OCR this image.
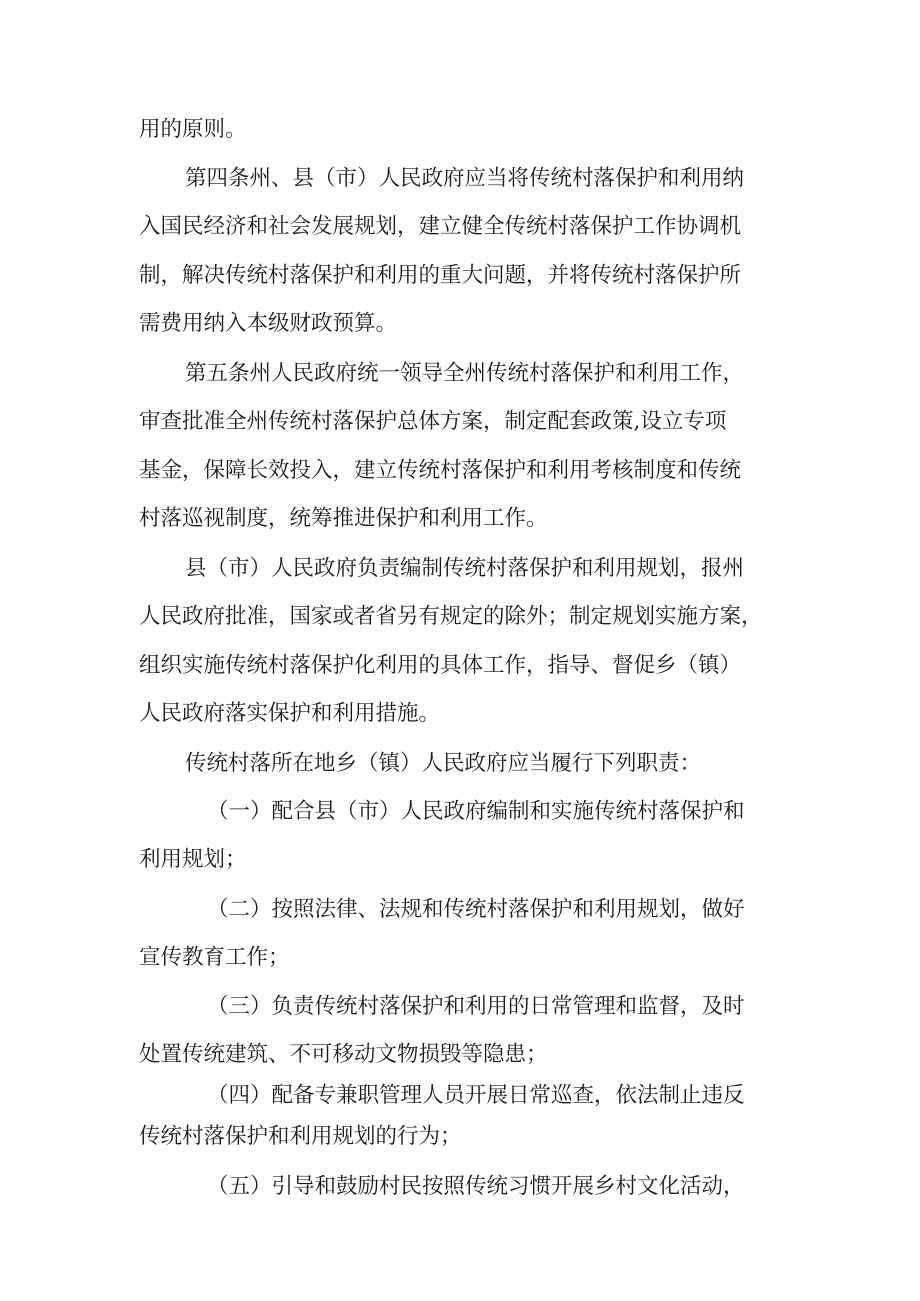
用的原则。
第四条州、县（市）人民政府应当将传统村落保护和利用纳
入国民经济和社会发展规划，建立健全传统村落保护工作协调机
制，解决传统村落保护和利用的重大问题，并将传统村落保护所
需费用纳入本级财政预算。
第五条州人民政府统一领导全州传统村落保护和利用工作，
审查批准全州传统村落保护总体方案，制定配套政策,设立专项
基金，保障长效投入，建立传统村落保护和利用考核制度和传统
村落巡视制度，统筹推进保护和利用工作。
县（市）人民政府负责编制传统村落保护和利用规划，报州
人民政府批准，国家或者省另有规定的除外；制定规划实施方案，
组织实施传统村落保护化利用的具体工作，指导、督促乡（镇）
人民政府落实保护和利用措施。
传统村落所在地乡（镇）人民政府应当履行下列职责：
（一）配合县（市）人民政府编制和实施传统村落保护和
利用规划；
（二）按照法律、法规和传统村落保护和利用规划，做好
宣传教育工作；
（三）负责传统村落保护和利用的日常管理和监督，及时
处置传统建筑、不可移动文物损毁等隐患；
（四）配备专兼职管理人员开展日常巡查，依法制止违反
传统村落保护和利用规划的行为；
（五）引导和鼓励村民按照传统习惯开展乡村文化活动，
